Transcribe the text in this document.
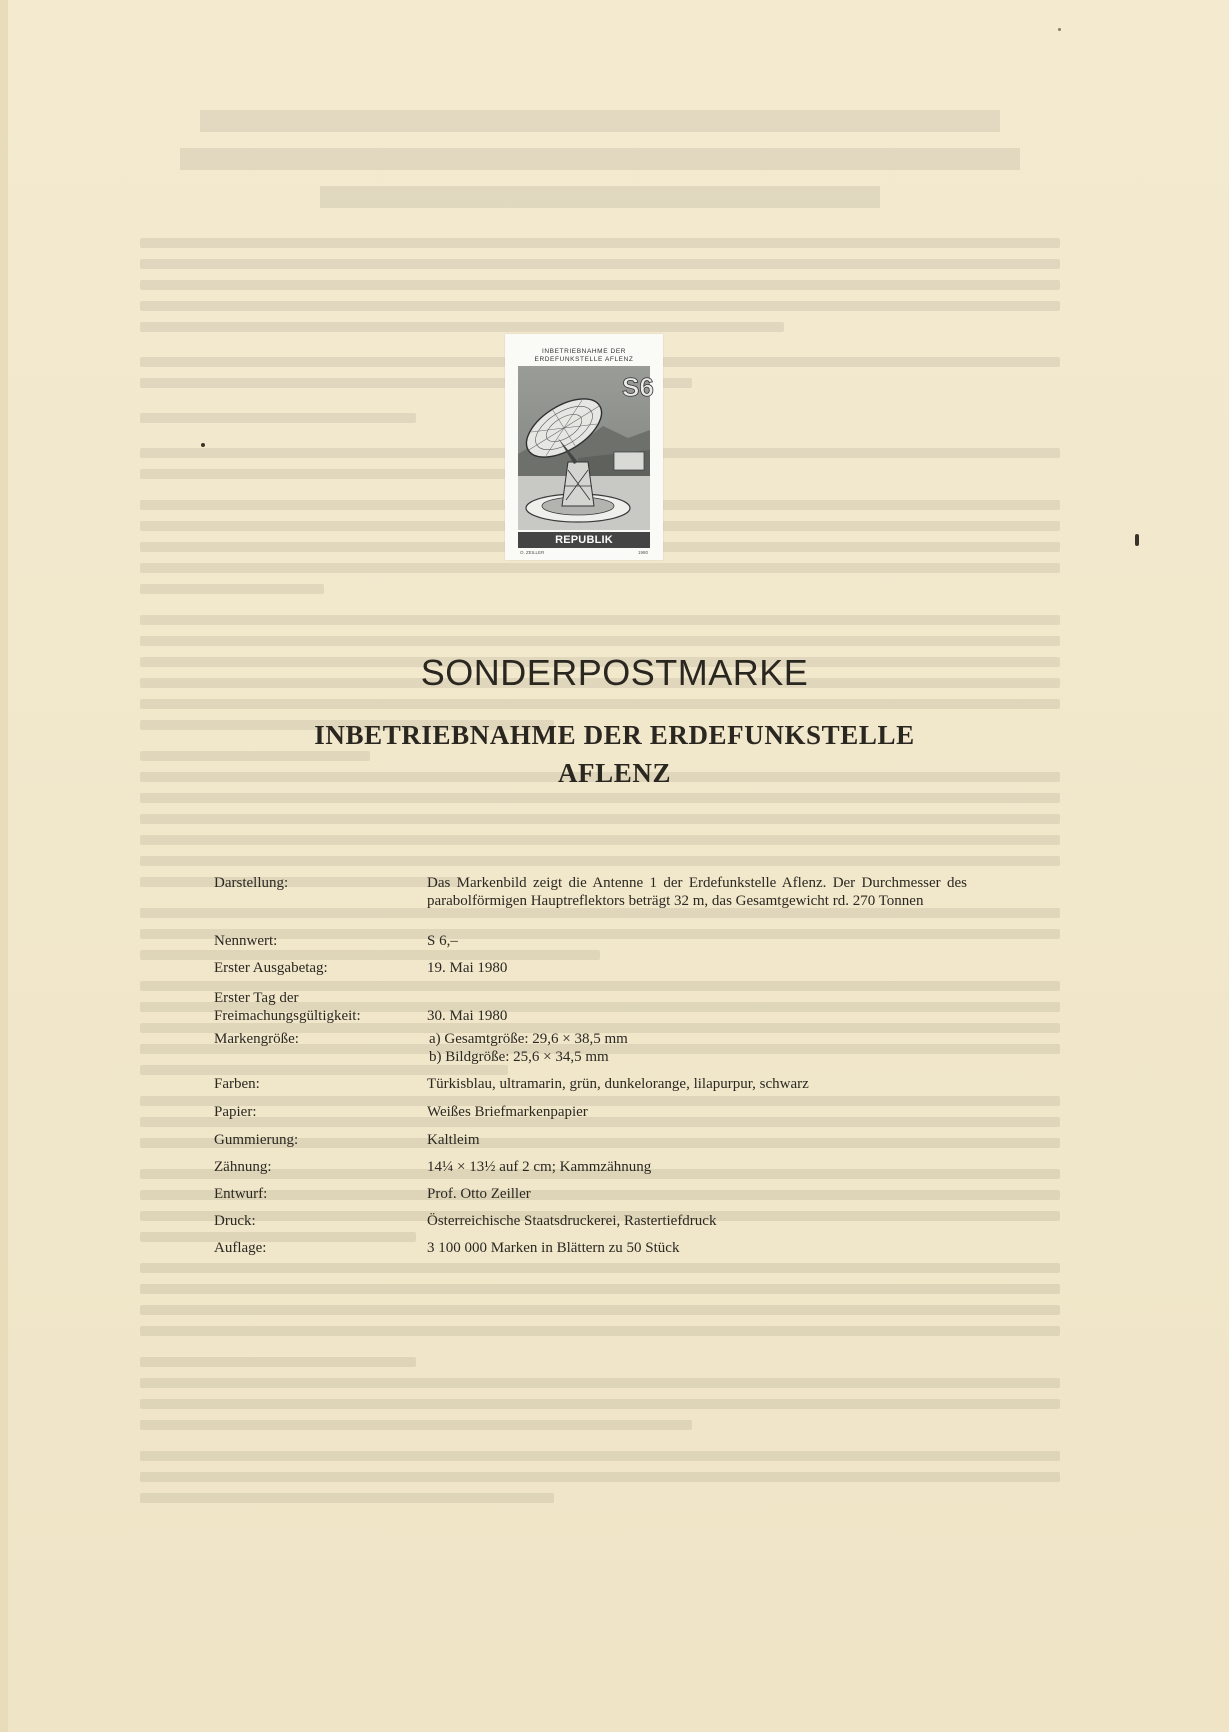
INBETRIEBNAHME DER
ERDEFUNKSTELLE AFLENZ
S6
REPUBLIK ÖSTERREICH
O. ZEILLER	1980
SONDERPOSTMARKE
INBETRIEBNAHME DER ERDEFUNKSTELLE
AFLENZ
Darstellung:	Das Markenbild zeigt die Antenne 1 der Erdefunkstelle Aflenz. Der Durchmesser des parabolförmigen Hauptreflektors beträgt 32 m, das Gesamtgewicht rd. 270 Tonnen
Nennwert:	S 6,–
Erster Ausgabetag:	19. Mai 1980
Erster Tag der Freimachungsgültigkeit:	30. Mai 1980
Markengröße:	a) Gesamtgröße: 29,6 × 38,5 mm
b) Bildgröße: 25,6 × 34,5 mm
Farben:	Türkisblau, ultramarin, grün, dunkelorange, lilapurpur, schwarz
Papier:	Weißes Briefmarkenpapier
Gummierung:	Kaltleim
Zähnung:	14¼ × 13½ auf 2 cm; Kammzähnung
Entwurf:	Prof. Otto Zeiller
Druck:	Österreichische Staatsdruckerei, Rastertiefdruck
Auflage:	3 100 000 Marken in Blättern zu 50 Stück
